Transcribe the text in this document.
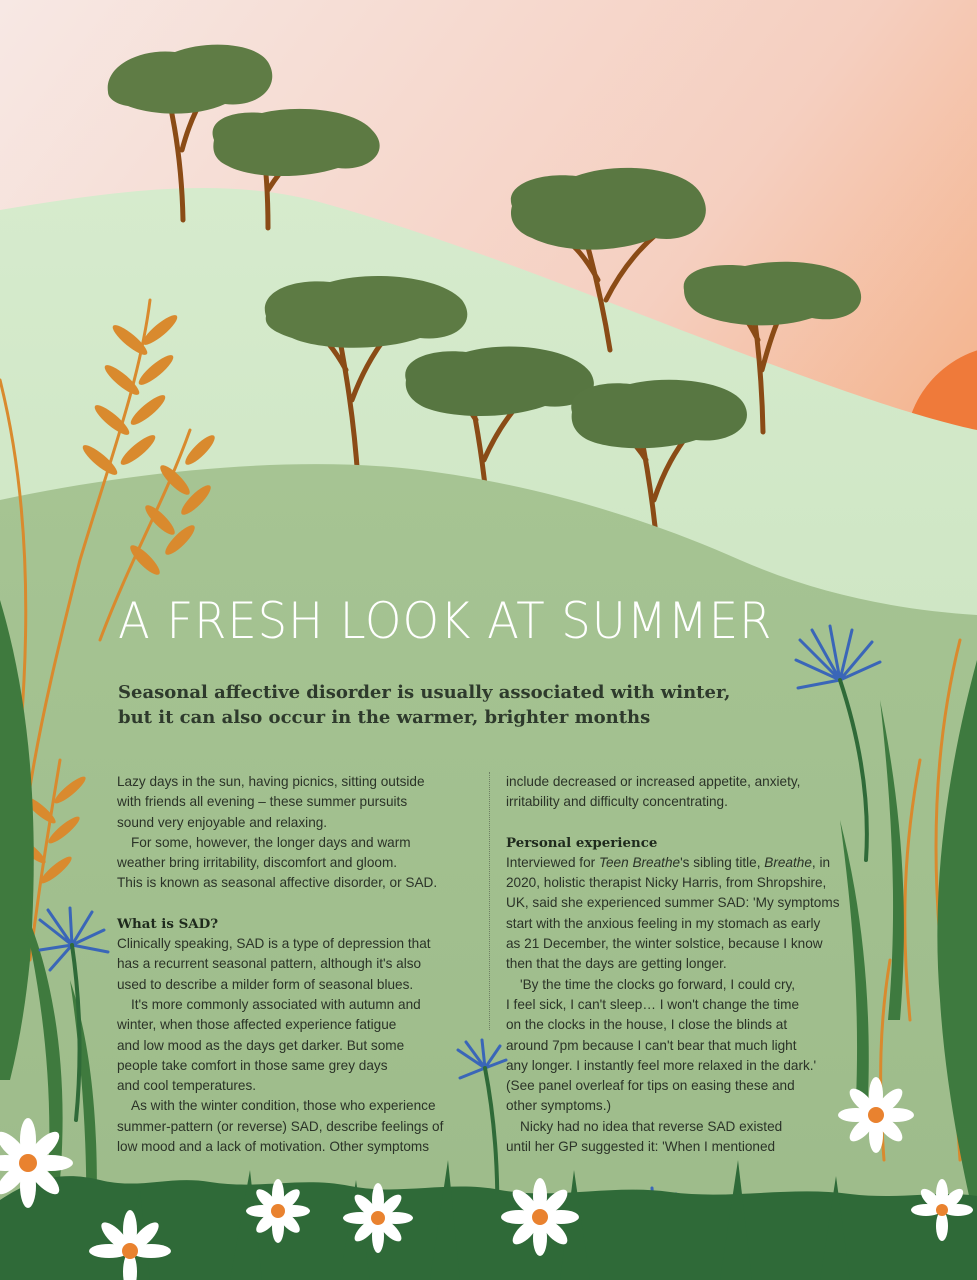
A FRESH LOOK AT SUMMER
Seasonal affective disorder is usually associated with winter,
but it can also occur in the warmer, brighter months

Lazy days in the sun, having picnics, sitting outside
with friends all evening – these summer pursuits
sound very enjoyable and relaxing.

For some, however, the longer days and warm
weather bring irritability, discomfort and gloom.
This is known as seasonal affective disorder, or SAD.

What is SAD?

Clinically speaking, SAD is a type of depression that
has a recurrent seasonal pattern, although it's also
used to describe a milder form of seasonal blues.

It's more commonly associated with autumn and
winter, when those affected experience fatigue
and low mood as the days get darker. But some
people take comfort in those same grey days
and cool temperatures.

As with the winter condition, those who experience
summer-pattern (or reverse) SAD, describe feelings of
low mood and a lack of motivation. Other symptoms

include decreased or increased appetite, anxiety,
irritability and difficulty concentrating.

Personal experience

Interviewed for Teen Breathe's sibling title, Breathe, in
2020, holistic therapist Nicky Harris, from Shropshire,
UK, said she experienced summer SAD: 'My symptoms
start with the anxious feeling in my stomach as early
as 21 December, the winter solstice, because I know
then that the days are getting longer.

'By the time the clocks go forward, I could cry,
I feel sick, I can't sleep… I won't change the time
on the clocks in the house, I close the blinds at
around 7pm because I can't bear that much light
any longer. I instantly feel more relaxed in the dark.'
(See panel overleaf for tips on easing these and
other symptoms.)

Nicky had no idea that reverse SAD existed
until her GP suggested it: 'When I mentioned
